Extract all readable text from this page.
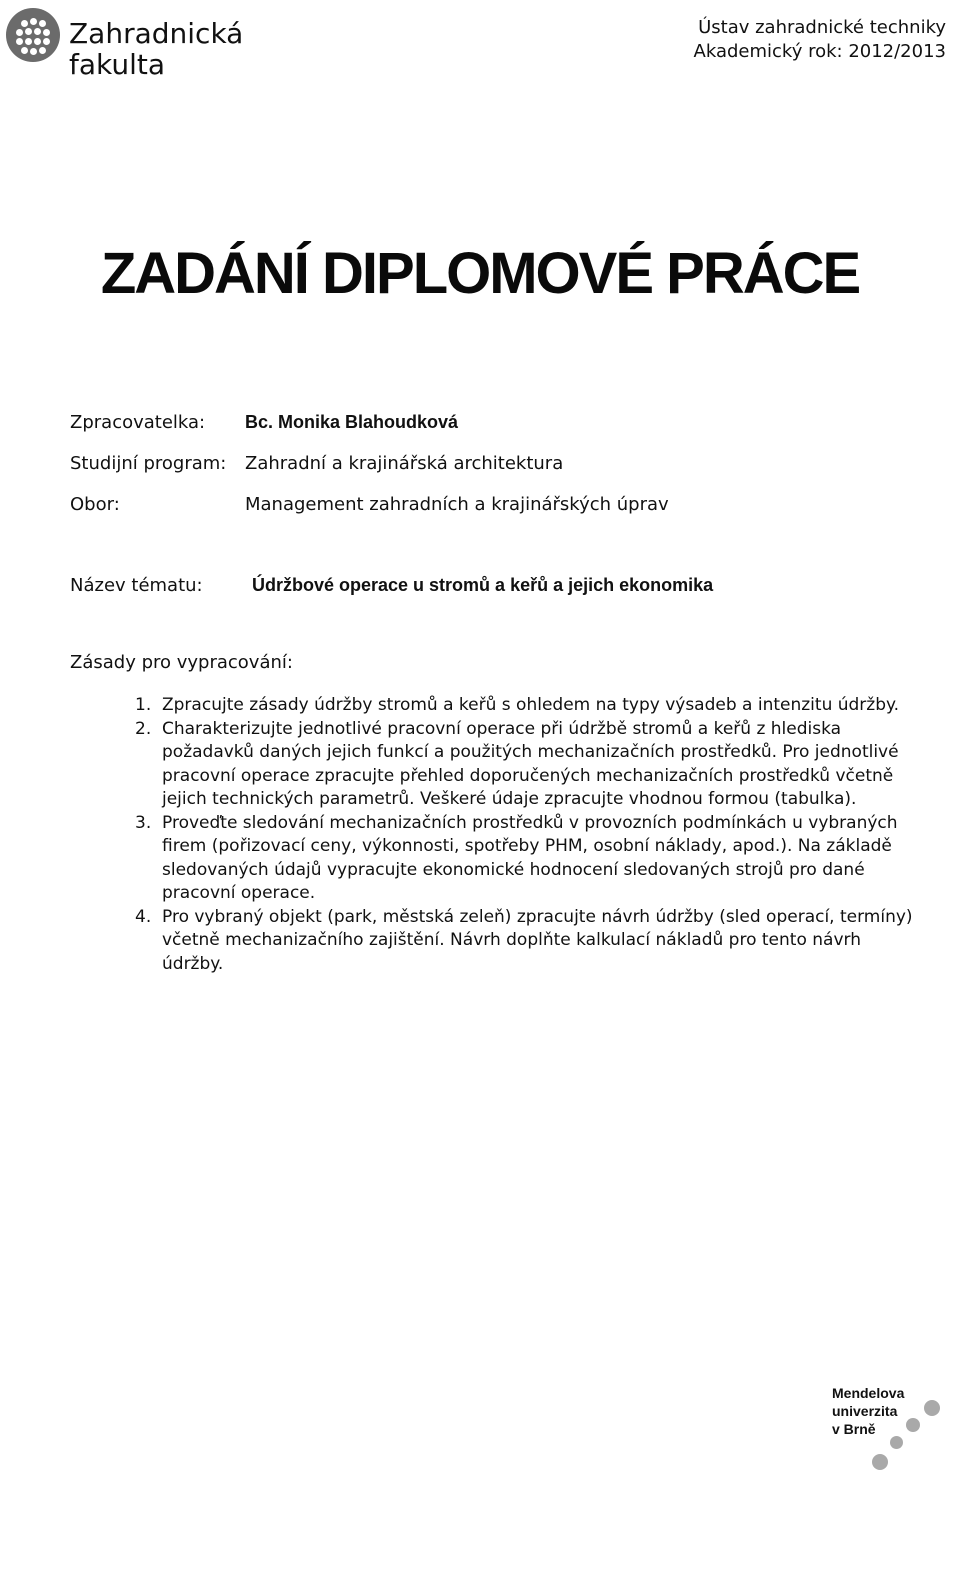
Zahradnická
fakulta
Ústav zahradnické techniky
Akademický rok: 2012/2013
ZADÁNÍ DIPLOMOVÉ PRÁCE
Zpracovatelka: Bc. Monika Blahoudková
Studijní program: Zahradní a krajinářská architektura
Obor:	Management zahradních a krajinářských úprav
Název tématu:	Údržbové operace u stromů a keřů a jejich ekonomika
Zásady pro vypracování:
1. Zpracujte zásady údržby stromů a keřů s ohledem na typy výsadeb a intenzitu údržby.
2. Charakterizujte jednotlivé pracovní operace při údržbě stromů a keřů z hlediska požadavků daných jejich funkcí a použitých mechanizačních prostředků. Pro jednotlivé pracovní operace zpracujte přehled doporučených mechanizačních prostředků včetně jejich technických parametrů. Veškeré údaje zpracujte vhodnou formou (tabulka).
3. Proveďte sledování mechanizačních prostředků v provozních podmínkách u vybraných firem (pořizovací ceny, výkonnosti, spotřeby PHM, osobní náklady, apod.). Na základě sledovaných údajů vypracujte ekonomické hodnocení sledovaných strojů pro dané pracovní operace.
4. Pro vybraný objekt (park, městská zeleň) zpracujte návrh údržby (sled operací, termíny) včetně mechanizačního zajištění. Návrh doplňte kalkulací nákladů pro tento návrh údržby.
Mendelova
univerzita
v Brně
